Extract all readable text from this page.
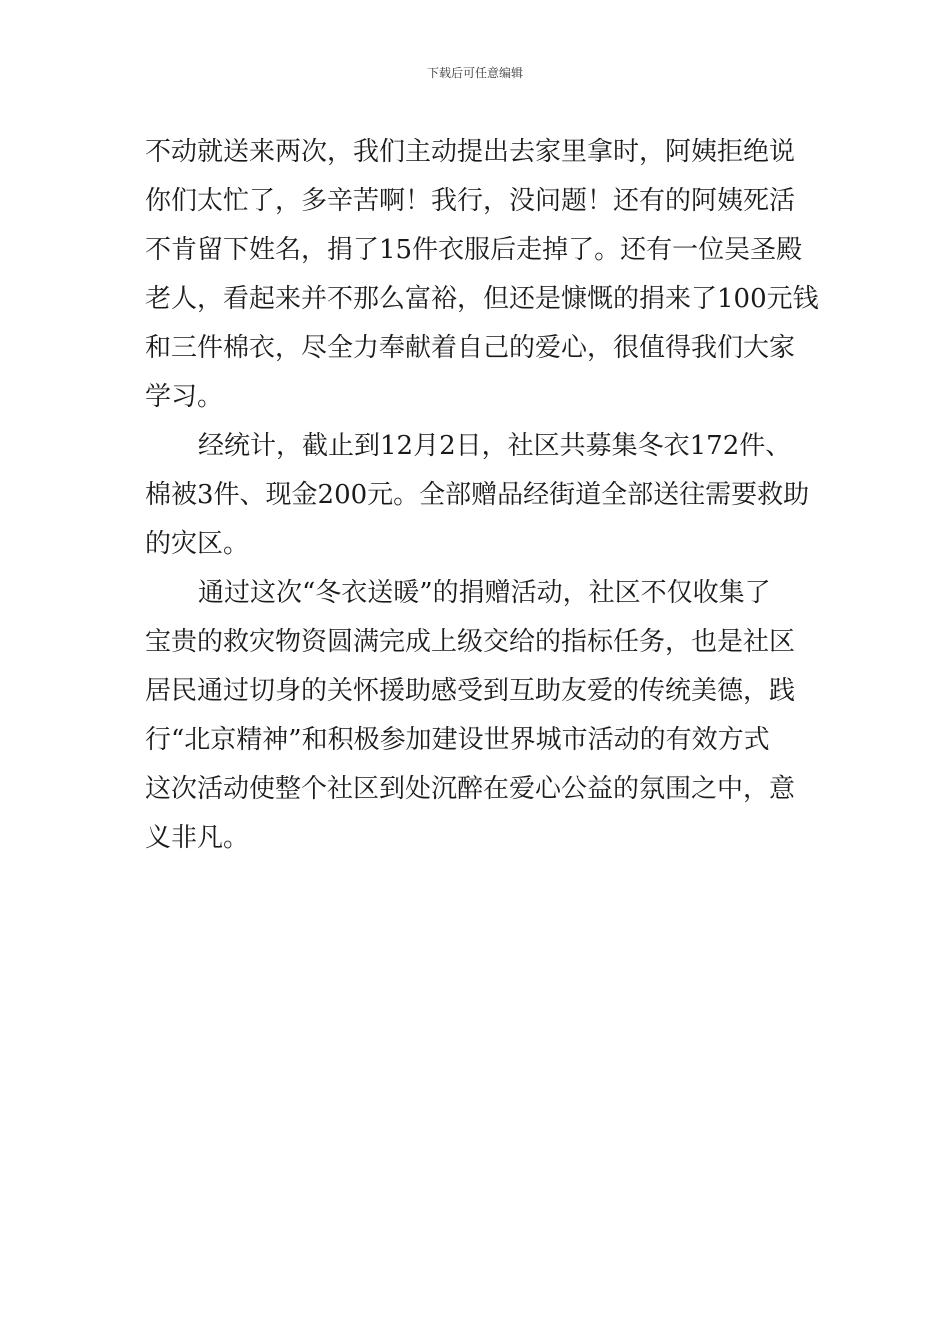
下载后可任意编辑
不动就送来两次，我们主动提出去家里拿时，阿姨拒绝说
你们太忙了，多辛苦啊！我行，没问题！还有的阿姨死活
不肯留下姓名，捐了15件衣服后走掉了。还有一位吴圣殿
老人，看起来并不那么富裕，但还是慷慨的捐来了100元钱
和三件棉衣，尽全力奉献着自己的爱心，很值得我们大家
学习。
经统计，截止到12月2日，社区共募集冬衣172件、
棉被3件、现金200元。全部赠品经街道全部送往需要救助
的灾区。
通过这次“冬衣送暖”的捐赠活动，社区不仅收集了
宝贵的救灾物资圆满完成上级交给的指标任务，也是社区
居民通过切身的关怀援助感受到互助友爱的传统美德，践
行“北京精神”和积极参加建设世界城市活动的有效方式
这次活动使整个社区到处沉醉在爱心公益的氛围之中，意
义非凡。
